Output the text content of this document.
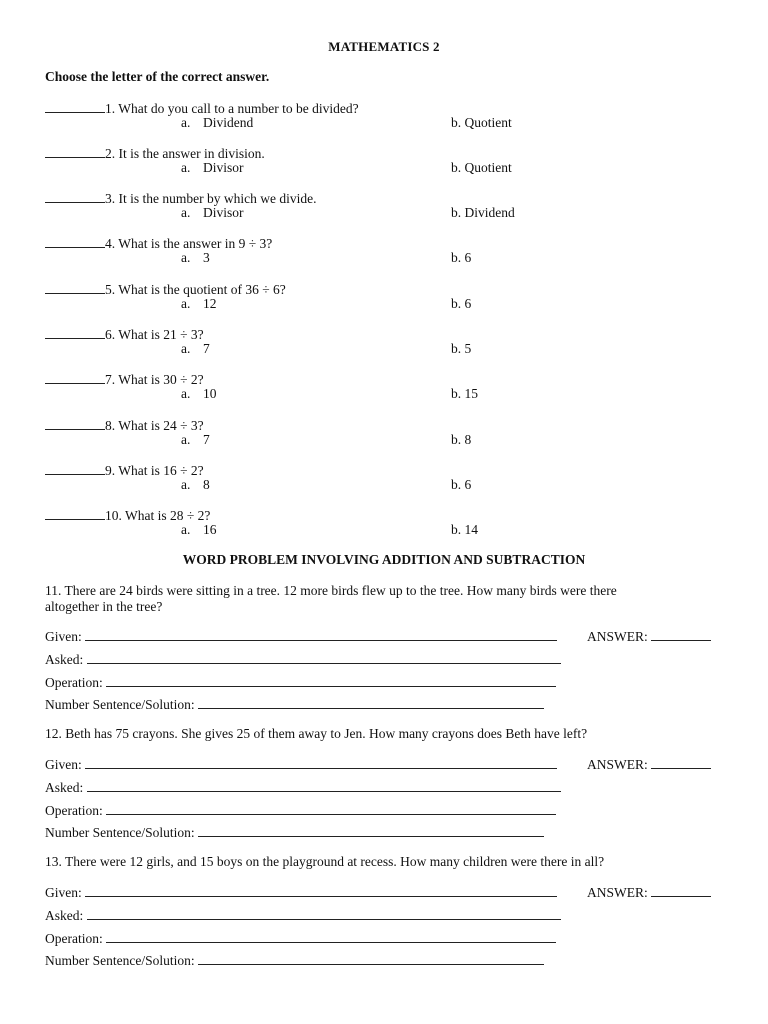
MATHEMATICS 2
Choose the letter of the correct answer.
1. What do you call to a number to be divided?
a. Dividend	b. Quotient
2. It is the answer in division.
a. Divisor	b. Quotient
3. It is the number by which we divide.
a. Divisor	b. Dividend
4. What is the answer in 9 ÷ 3?
a. 3	b. 6
5. What is the quotient of 36 ÷ 6?
a. 12	b. 6
6. What is 21 ÷ 3?
a. 7	b. 5
7. What is 30 ÷ 2?
a. 10	b. 15
8. What is 24 ÷ 3?
a. 7	b. 8
9. What is 16 ÷ 2?
a. 8	b. 6
10. What is 28 ÷ 2?
a. 16	b. 14
WORD PROBLEM INVOLVING ADDITION AND SUBTRACTION
11. There are 24 birds were sitting in a tree. 12 more birds flew up to the tree. How many birds were there
altogether in the tree?
Given:	ANSWER:
Asked:
Operation:
Number Sentence/Solution:
12. Beth has 75 crayons. She gives 25 of them away to Jen. How many crayons does Beth have left?
Given:	ANSWER:
Asked:
Operation:
Number Sentence/Solution:
13. There were 12 girls, and 15 boys on the playground at recess. How many children were there in all?
Given:	ANSWER:
Asked:
Operation:
Number Sentence/Solution:
